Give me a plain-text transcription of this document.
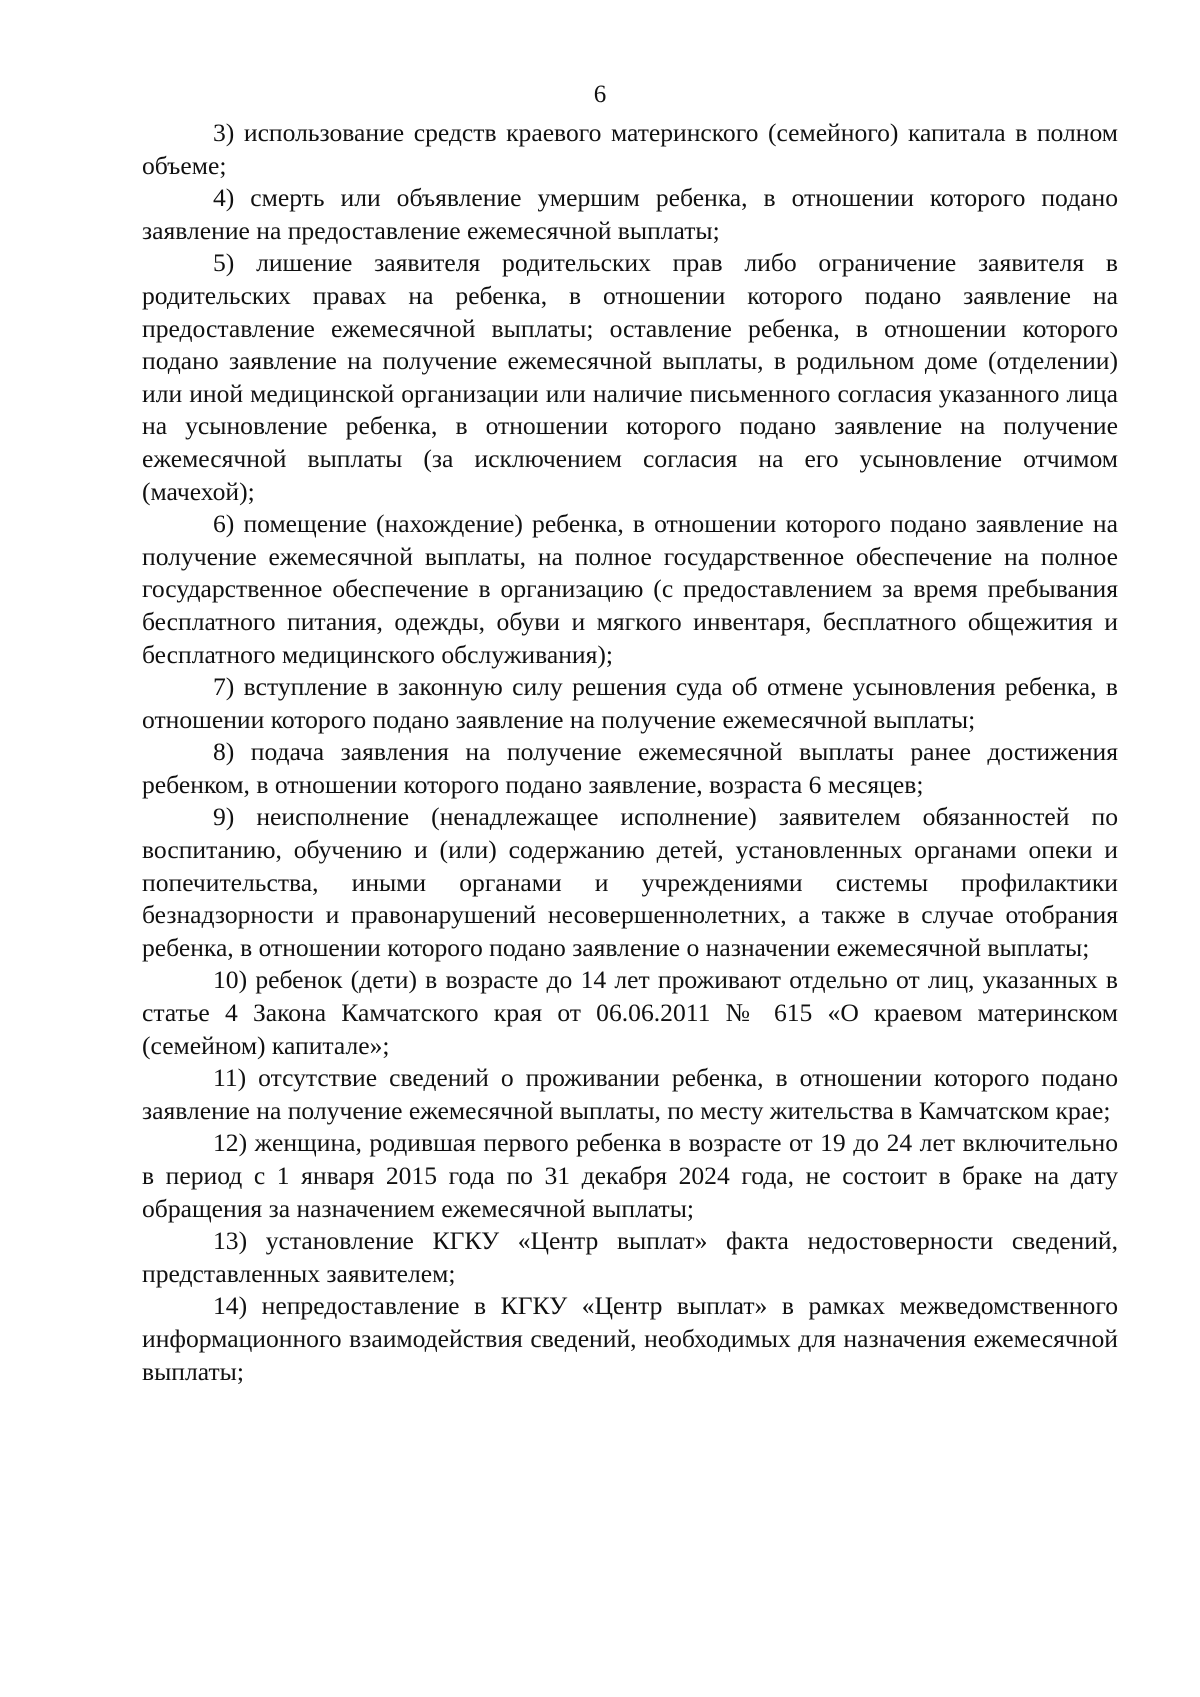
6

3) использование средств краевого материнского (семейного) капитала в полном объеме;

4) смерть или объявление умершим ребенка, в отношении которого подано заявление на предоставление ежемесячной выплаты;

5) лишение заявителя родительских прав либо ограничение заявителя в родительских правах на ребенка, в отношении которого подано заявление на предоставление ежемесячной выплаты; оставление ребенка, в отношении которого подано заявление на получение ежемесячной выплаты, в родильном доме (отделении) или иной медицинской организации или наличие письменного согласия указанного лица на усыновление ребенка, в отношении которого подано заявление на получение ежемесячной выплаты (за исключением согласия на его усыновление отчимом (мачехой);

6) помещение (нахождение) ребенка, в отношении которого подано заявление на получение ежемесячной выплаты, на полное государственное обеспечение на полное государственное обеспечение в организацию (с предоставлением за время пребывания бесплатного питания, одежды, обуви и мягкого инвентаря, бесплатного общежития и бесплатного медицинского обслуживания);

7) вступление в законную силу решения суда об отмене усыновления ребенка, в отношении которого подано заявление на получение ежемесячной выплаты;

8) подача заявления на получение ежемесячной выплаты ранее достижения ребенком, в отношении которого подано заявление, возраста 6 месяцев;

9) неисполнение (ненадлежащее исполнение) заявителем обязанностей по воспитанию, обучению и (или) содержанию детей, установленных органами опеки и попечительства, иными органами и учреждениями системы профилактики безнадзорности и правонарушений несовершеннолетних, а также в случае отобрания ребенка, в отношении которого подано заявление о назначении ежемесячной выплаты;

10) ребенок (дети) в возрасте до 14 лет проживают отдельно от лиц, указанных в статье 4 Закона Камчатского края от 06.06.2011 № 615 «О краевом материнском (семейном) капитале»;

11) отсутствие сведений о проживании ребенка, в отношении которого подано заявление на получение ежемесячной выплаты, по месту жительства в Камчатском крае;

12) женщина, родившая первого ребенка в возрасте от 19 до 24 лет включительно в период с 1 января 2015 года по 31 декабря 2024 года, не состоит в браке на дату обращения за назначением ежемесячной выплаты;

13) установление КГКУ «Центр выплат» факта недостоверности сведений, представленных заявителем;

14) непредоставление в КГКУ «Центр выплат» в рамках межведомственного информационного взаимодействия сведений, необходимых для назначения ежемесячной выплаты;
